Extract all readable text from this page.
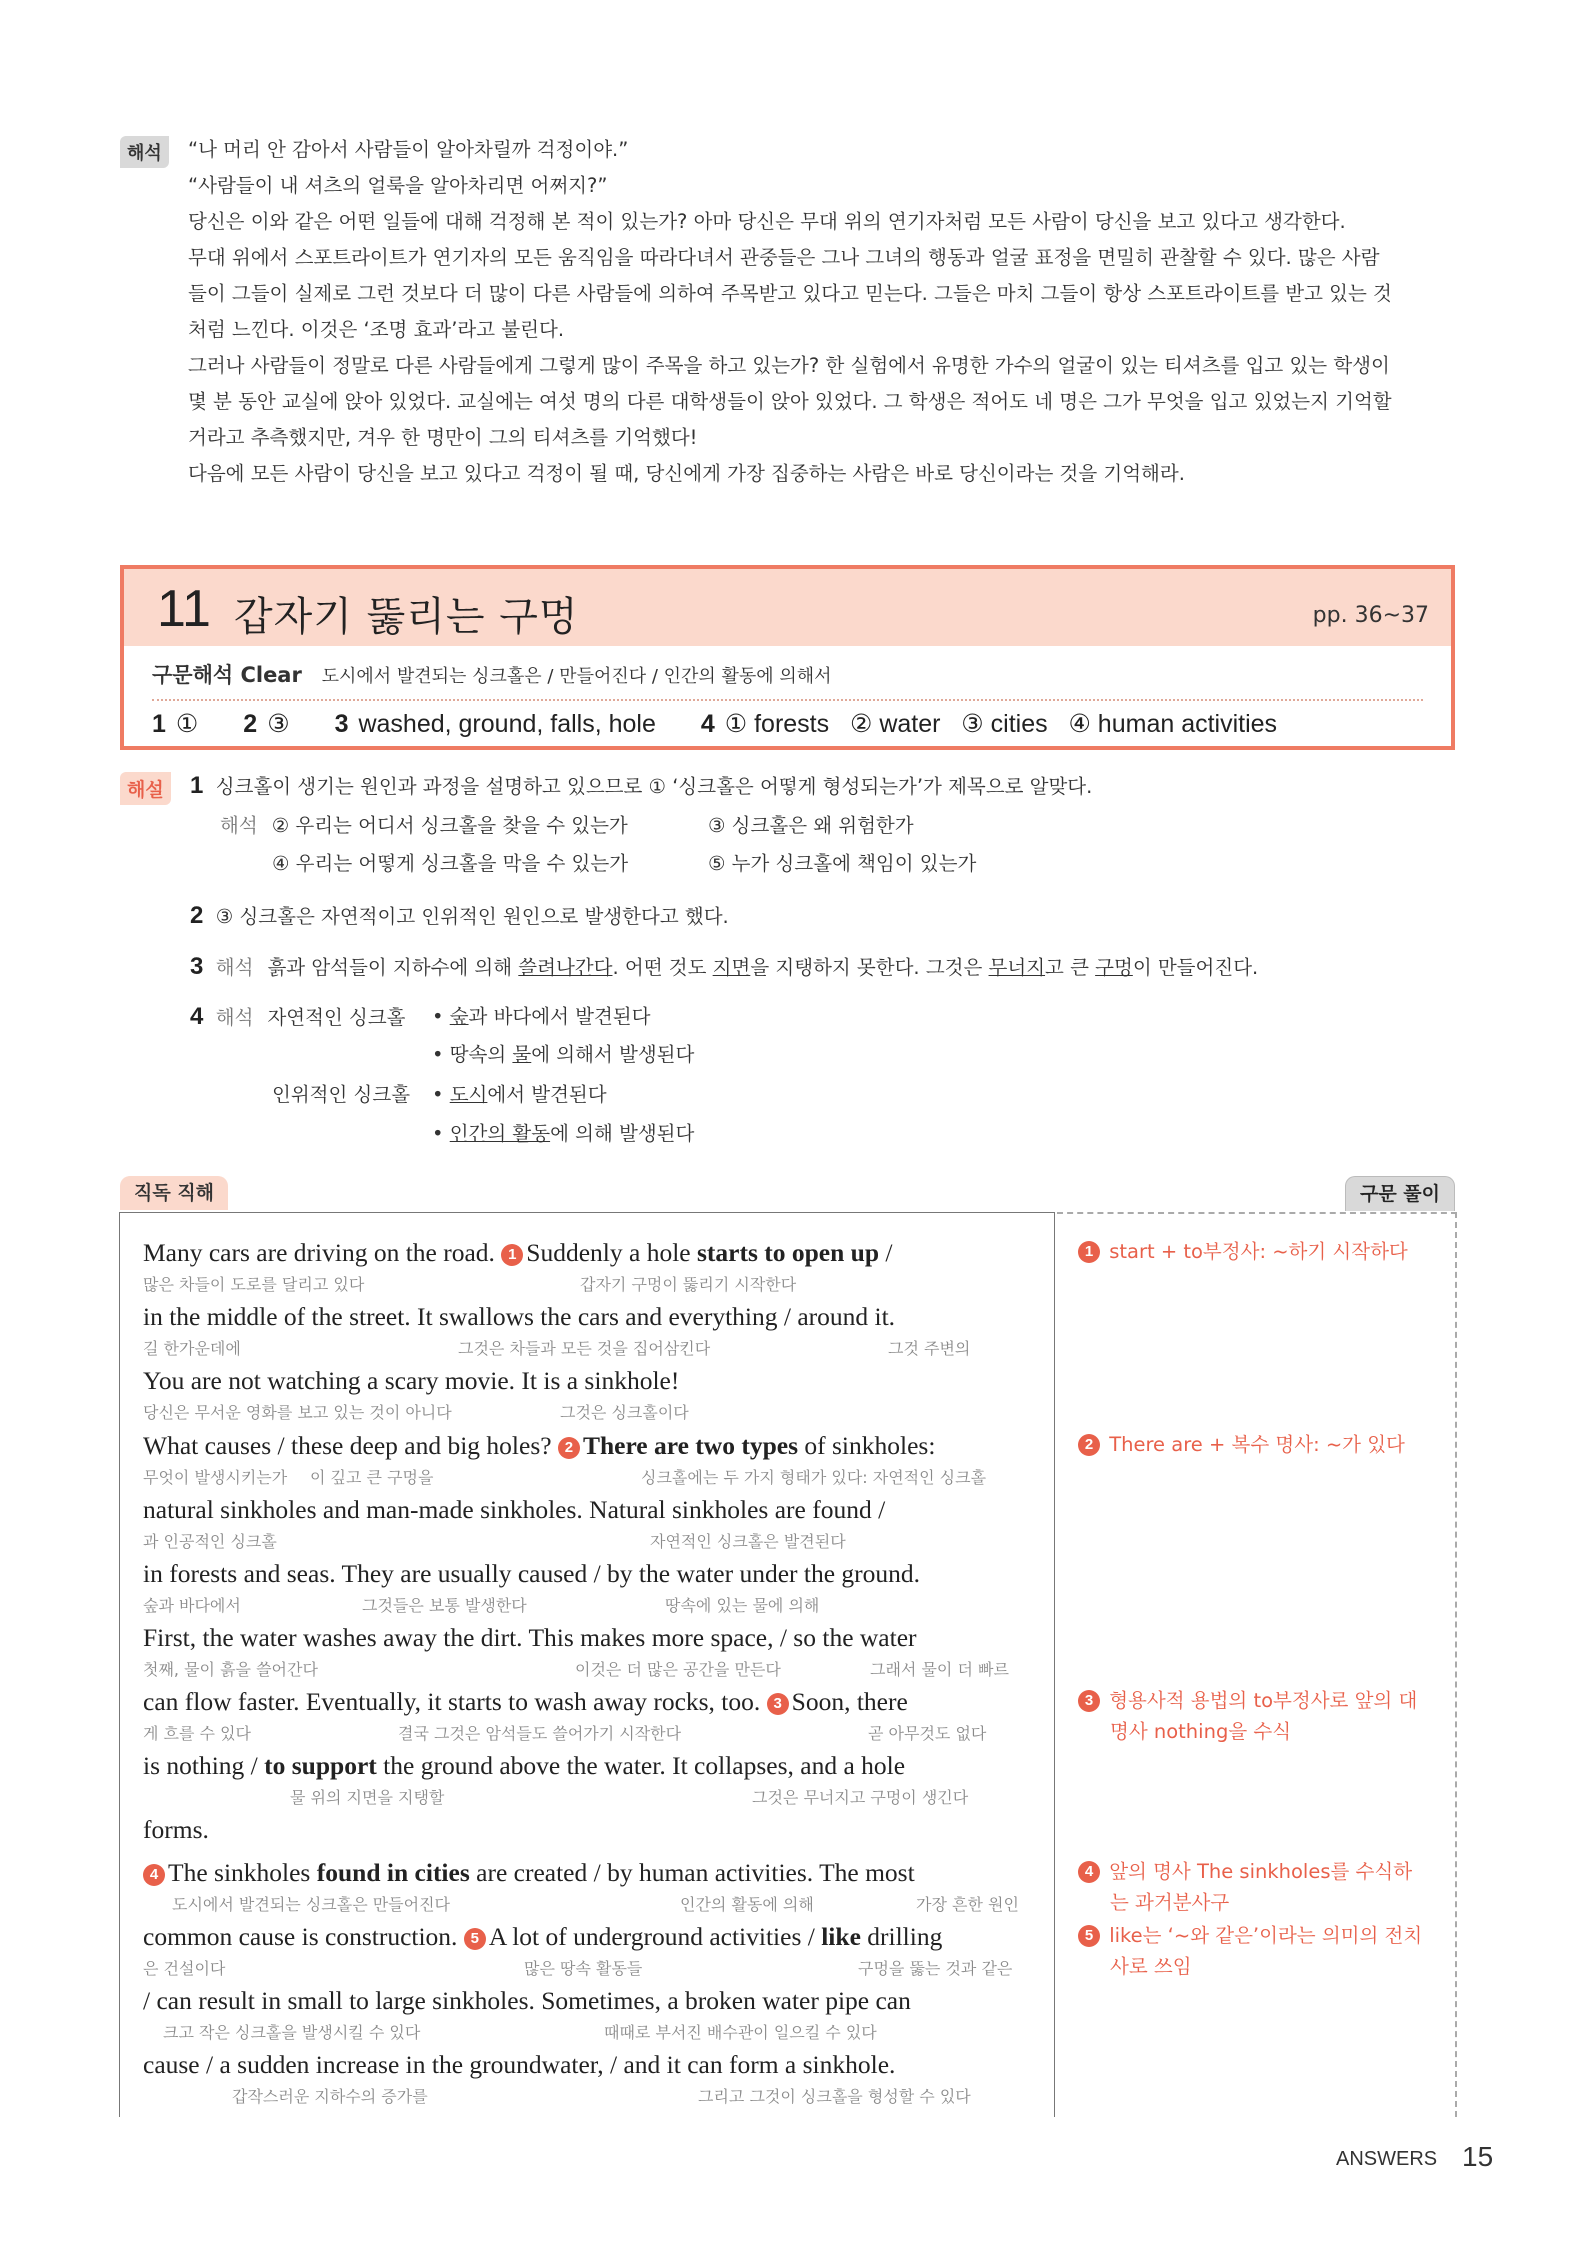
해석	“나 머리 안 감아서 사람들이 알아차릴까 걱정이야.”
“사람들이 내 셔츠의 얼룩을 알아차리면 어쩌지?”
당신은 이와 같은 어떤 일들에 대해 걱정해 본 적이 있는가? 아마 당신은 무대 위의 연기자처럼 모든 사람이 당신을 보고 있다고 생각한다.
무대 위에서 스포트라이트가 연기자의 모든 움직임을 따라다녀서 관중들은 그나 그녀의 행동과 얼굴 표정을 면밀히 관찰할 수 있다. 많은 사람
들이 그들이 실제로 그런 것보다 더 많이 다른 사람들에 의하여 주목받고 있다고 믿는다. 그들은 마치 그들이 항상 스포트라이트를 받고 있는 것
처럼 느낀다. 이것은 ‘조명 효과’라고 불린다.
그러나 사람들이 정말로 다른 사람들에게 그렇게 많이 주목을 하고 있는가? 한 실험에서 유명한 가수의 얼굴이 있는 티셔츠를 입고 있는 학생이
몇 분 동안 교실에 앉아 있었다. 교실에는 여섯 명의 다른 대학생들이 앉아 있었다. 그 학생은 적어도 네 명은 그가 무엇을 입고 있었는지 기억할
거라고 추측했지만, 겨우 한 명만이 그의 티셔츠를 기억했다!
다음에 모든 사람이 당신을 보고 있다고 걱정이 될 때, 당신에게 가장 집중하는 사람은 바로 당신이라는 것을 기억해라.
11 갑자기 뚫리는 구멍	pp. 36~37
구문해석 Clear 도시에서 발견되는 싱크홀은 / 만들어진다 / 인간의 활동에 의해서
1 ① 2 ③ 3 washed, ground, falls, hole 4 ① forests   ② water   ③ cities   ④ human activities
해설 1 싱크홀이 생기는 원인과 과정을 설명하고 있으므로 ① ‘싱크홀은 어떻게 형성되는가’가 제목으로 알맞다.
해석 ② 우리는 어디서 싱크홀을 찾을 수 있는가	③ 싱크홀은 왜 위험한가
④ 우리는 어떻게 싱크홀을 막을 수 있는가	⑤ 누가 싱크홀에 책임이 있는가
2 ③ 싱크홀은 자연적이고 인위적인 원인으로 발생한다고 했다.
3 해석 흙과 암석들이 지하수에 의해 쓸려나간다. 어떤 것도 지면을 지탱하지 못한다. 그것은 무너지고 큰 구멍이 만들어진다.
4 해석 자연적인 싱크홀 • 숲과 바다에서 발견된다
• 땅속의 물에 의해서 발생된다
인위적인 싱크홀 • 도시에서 발견된다
• 인간의 활동에 의해 발생된다
직독 직해	구문 풀이
Many cars are driving on the road. 1 Suddenly a hole starts to open up /
많은 차들이 도로를 달리고 있다	갑자기 구멍이 뚫리기 시작한다
in the middle of the street. It swallows the cars and everything / around it.
길 한가운데에	그것은 차들과 모든 것을 집어삼킨다	그것 주변의
You are not watching a scary movie. It is a sinkhole!
당신은 무서운 영화를 보고 있는 것이 아니다	그것은 싱크홀이다
What causes / these deep and big holes? 2 There are two types of sinkholes:
무엇이 발생시키는가 이 깊고 큰 구멍을	싱크홀에는 두 가지 형태가 있다: 자연적인 싱크홀
natural sinkholes and man-made sinkholes. Natural sinkholes are found /
과 인공적인 싱크홀	자연적인 싱크홀은 발견된다
in forests and seas. They are usually caused / by the water under the ground.
숲과 바다에서	그것들은 보통 발생한다	땅속에 있는 물에 의해
First, the water washes away the dirt. This makes more space, / so the water
첫째, 물이 흙을 쓸어간다	이것은 더 많은 공간을 만든다	그래서 물이 더 빠르
can flow faster. Eventually, it starts to wash away rocks, too. 3 Soon, there
게 흐를 수 있다	결국 그것은 암석들도 쓸어가기 시작한다	곧 아무것도 없다
is nothing / to support the ground above the water. It collapses, and a hole
물 위의 지면을 지탱할	그것은 무너지고 구멍이 생긴다
forms.
4 The sinkholes found in cities are created / by human activities. The most
도시에서 발견되는 싱크홀은 만들어진다	인간의 활동에 의해	가장 흔한 원인
common cause is construction. 5 A lot of underground activities / like drilling
은 건설이다	많은 땅속 활동들	구멍을 뚫는 것과 같은
/ can result in small to large sinkholes. Sometimes, a broken water pipe can
크고 작은 싱크홀을 발생시킬 수 있다	때때로 부서진 배수관이 일으킬 수 있다
cause / a sudden increase in the groundwater, / and it can form a sinkhole.
갑작스러운 지하수의 증가를	그리고 그것이 싱크홀을 형성할 수 있다
1 start + to부정사: ~하기 시작하다
2 There are + 복수 명사: ~가 있다
3 형용사적 용법의 to부정사로 앞의 대
명사 nothing을 수식
4 앞의 명사 The sinkholes를 수식하
는 과거분사구
5 like는 ‘~와 같은’이라는 의미의 전치
사로 쓰임
ANSWERS 15
